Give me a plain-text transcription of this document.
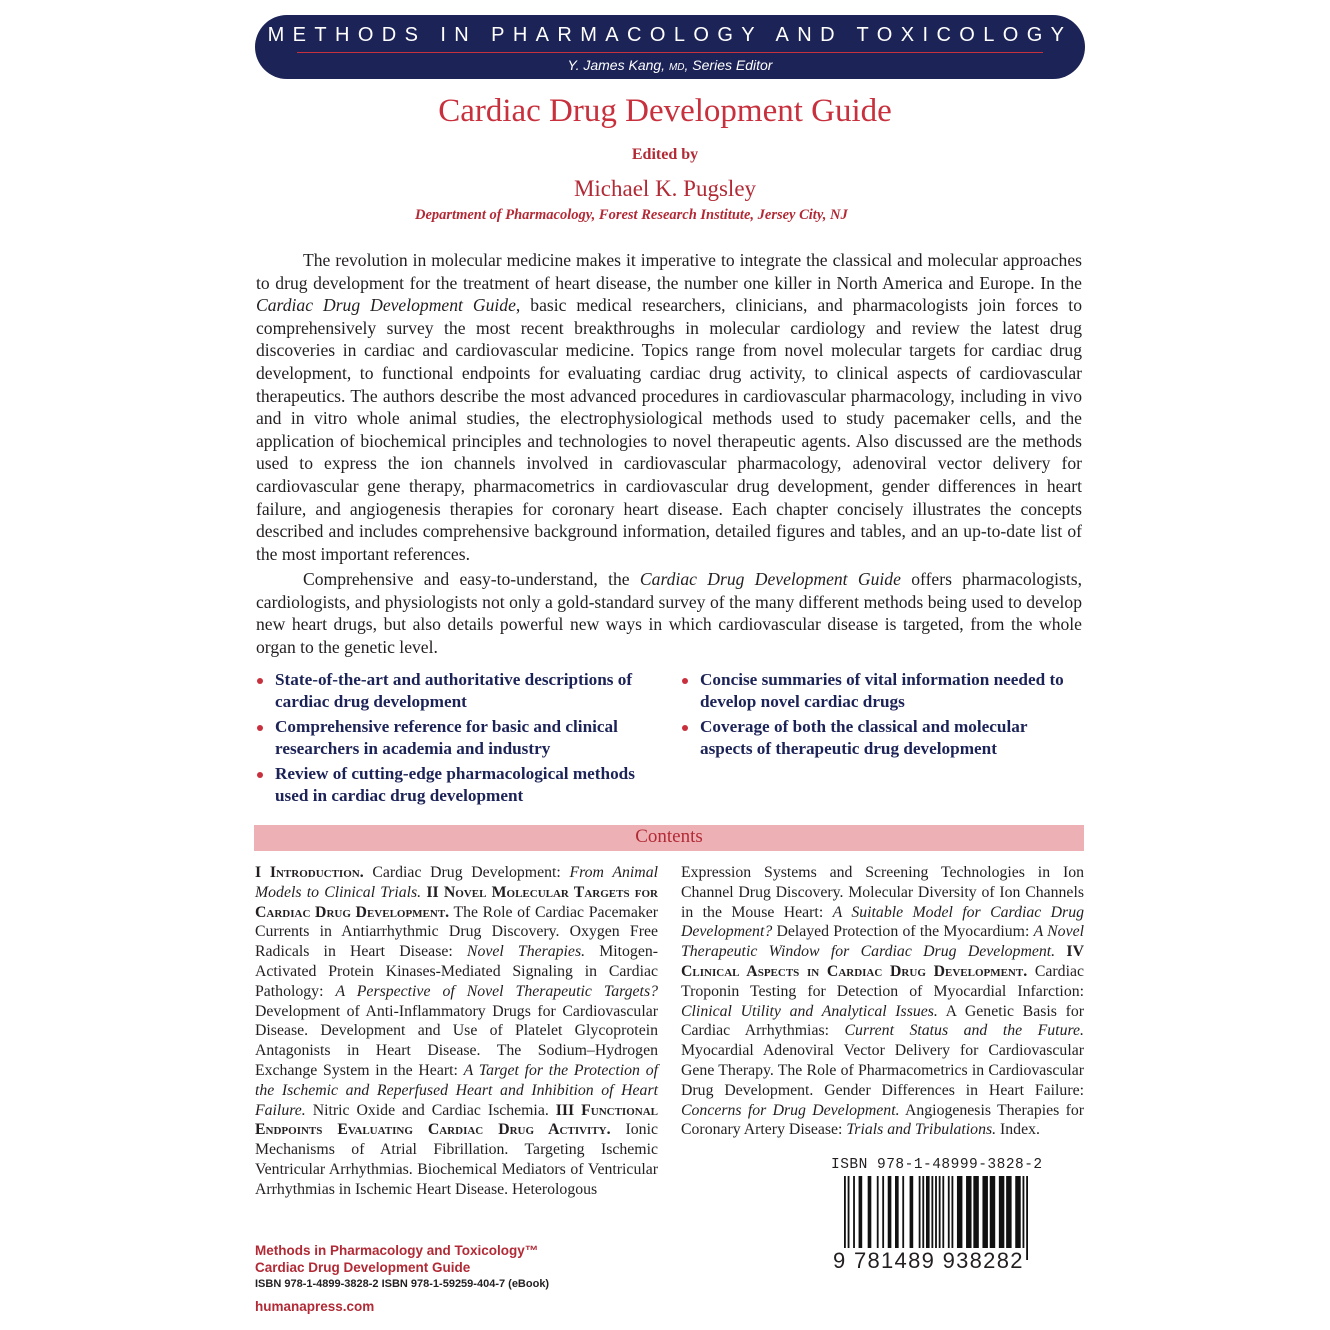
METHODS IN PHARMACOLOGY AND TOXICOLOGY
Y. James Kang, MD, Series Editor
Cardiac Drug Development Guide
Edited by
Michael K. Pugsley
Department of Pharmacology, Forest Research Institute, Jersey City, NJ

The revolution in molecular medicine makes it imperative to integrate the classical and molecular approaches to drug development for the treatment of heart disease, the number one killer in North America and Europe. In the Cardiac Drug Development Guide, basic medical researchers, clinicians, and pharmacologists join forces to comprehensively survey the most recent breakthroughs in molecular cardiology and review the latest drug discoveries in cardiac and cardiovascular medicine. Topics range from novel molecular targets for cardiac drug development, to functional endpoints for evaluating cardiac drug activity, to clinical aspects of cardiovascular therapeutics. The authors describe the most advanced procedures in cardiovascular pharmacology, including in vivo and in vitro whole animal studies, the electrophysiological methods used to study pacemaker cells, and the application of biochemical principles and technologies to novel therapeutic agents. Also discussed are the methods used to express the ion channels involved in cardiovascular pharmacology, adenoviral vector delivery for cardiovascular gene therapy, pharmacometrics in cardiovascular drug development, gender differences in heart failure, and angiogenesis therapies for coronary heart disease. Each chapter concisely illustrates the concepts described and includes comprehensive background information, detailed figures and tables, and an up-to-date list of the most important references.

Comprehensive and easy-to-understand, the Cardiac Drug Development Guide offers pharmacologists, cardiologists, and physiologists not only a gold-standard survey of the many different methods being used to develop new heart drugs, but also details powerful new ways in which cardiovascular disease is targeted, from the whole organ to the genetic level.

State-of-the-art and authoritative descriptions of cardiac drug development
Comprehensive reference for basic and clinical researchers in academia and industry
Review of cutting-edge pharmacological methods used in cardiac drug development
Concise summaries of vital information needed to develop novel cardiac drugs
Coverage of both the classical and molecular aspects of therapeutic drug development
Contents

I Introduction. Cardiac Drug Development: From Animal Models to Clinical Trials. II Novel Molecular Targets for Cardiac Drug Development. The Role of Cardiac Pacemaker Currents in Antiarrhythmic Drug Discovery. Oxygen Free Radicals in Heart Disease: Novel Therapies. Mitogen-Activated Protein Kinases-Mediated Signaling in Cardiac Pathology: A Perspective of Novel Therapeutic Targets? Development of Anti-Inflammatory Drugs for Cardiovascular Disease. Development and Use of Platelet Glycoprotein Antagonists in Heart Disease. The Sodium–Hydrogen Exchange System in the Heart: A Target for the Protection of the Ischemic and Reperfused Heart and Inhibition of Heart Failure. Nitric Oxide and Cardiac Ischemia. III Functional Endpoints Evaluating Cardiac Drug Activity. Ionic Mechanisms of Atrial Fibrillation. Targeting Ischemic Ventricular Arrhythmias. Biochemical Mediators of Ventricular Arrhythmias in Ischemic Heart Disease. Heterologous

Expression Systems and Screening Technologies in Ion Channel Drug Discovery. Molecular Diversity of Ion Channels in the Mouse Heart: A Suitable Model for Cardiac Drug Development? Delayed Protection of the Myocardium: A Novel Therapeutic Window for Cardiac Drug Development. IV Clinical Aspects in Cardiac Drug Development. Cardiac Troponin Testing for Detection of Myocardial Infarction: Clinical Utility and Analytical Issues. A Genetic Basis for Cardiac Arrhythmias: Current Status and the Future. Myocardial Adenoviral Vector Delivery for Cardiovascular Gene Therapy. The Role of Pharmacometrics in Cardiovascular Drug Development. Gender Differences in Heart Failure: Concerns for Drug Development. Angiogenesis Therapies for Coronary Artery Disease: Trials and Tribulations. Index.

ISBN 978-1-48999-3828-2
9 781489 938282
Methods in Pharmacology and Toxicology™
Cardiac Drug Development Guide
ISBN 978-1-4899-3828-2 ISBN 978-1-59259-404-7 (eBook)
humanapress.com
